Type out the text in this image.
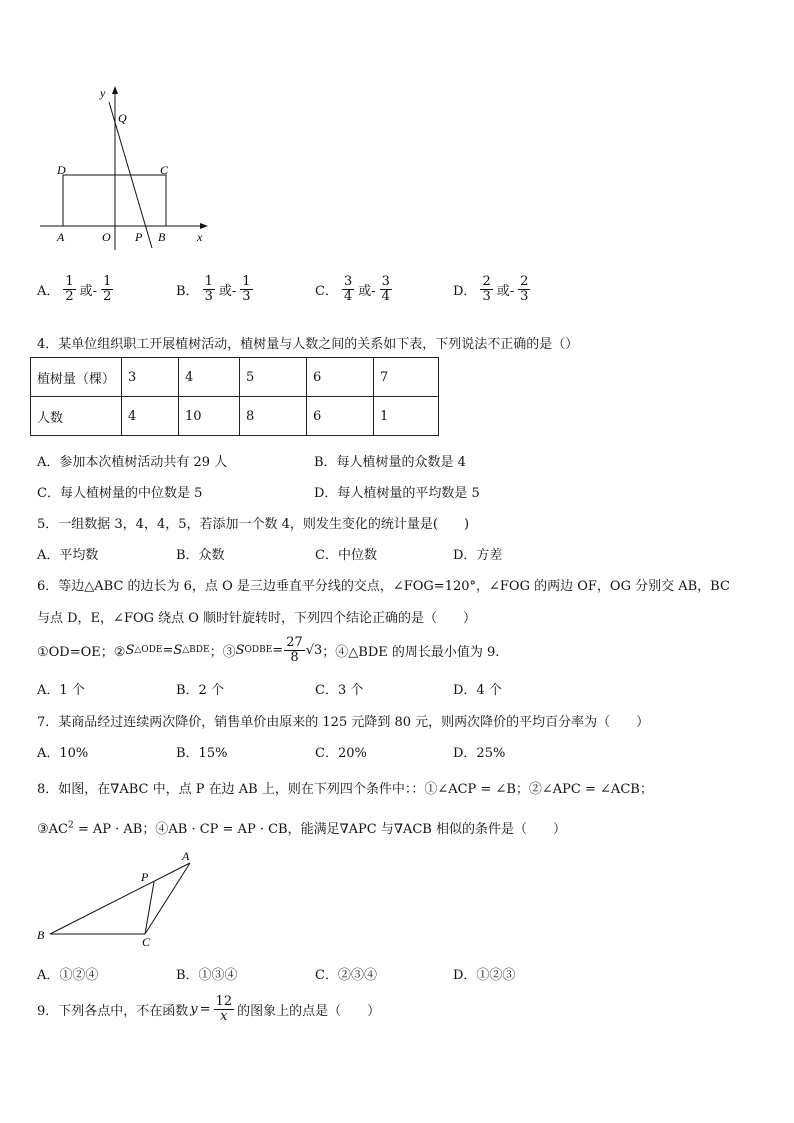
y
Q
D	C
A	O P B	x
A． $\frac{1}{2}$ 或- $\frac{1}{2}$	B． $\frac{1}{3}$ 或- $\frac{1}{3}$	C． $\frac{3}{4}$ 或- $\frac{3}{4}$	D． $\frac{2}{3}$ 或- $\frac{2}{3}$
4．某单位组织职工开展植树活动，植树量与人数之间的关系如下表，下列说法不正确的是（）
植树量（棵）	3	4	5	6	7
人数	4	10	8	6	1
A．参加本次植树活动共有 29 人	B．每人植树量的众数是 4
C．每人植树量的中位数是 5	D．每人植树量的平均数是 5
5．一组数据 3，4，4，5，若添加一个数 4，则发生变化的统计量是(　　)
A．平均数	B．众数	C．中位数	D．方差
6．等边△ABC 的边长为 6，点 O 是三边垂直平分线的交点，∠FOG=120°，∠FOG 的两边 OF，OG 分别交 AB，BC
与点 D，E，∠FOG 绕点 O 顺时针旋转时，下列四个结论正确的是（　　）
①OD=OE；② S △ODE = S △BDE ；③ S ODBE = $\frac{27}{8} √3$ ；④△BDE 的周长最小值为 9.
A．1 个	B．2 个	C．3 个	D．4 个
7．某商品经过连续两次降价，销售单价由原来的 125 元降到 80 元，则两次降价的平均百分率为（　　）
A．10%	B．15%	C．20%	D．25%
8．如图，在∇ABC 中，点 P 在边 AB 上，则在下列四个条件中：：①∠ACP = ∠B；②∠APC = ∠ACB；
$③AC^2$ = AP · AB；④AB · CP = AP · CB，能满足∇APC 与∇ACB 相似的条件是（　　）
A
P
B	C
A．①②④	B．①③④	C．②③④	D．①②③
9．下列各点中，不在函数 $y = \frac{12}{x}$ 的图象上的点是（　　）
